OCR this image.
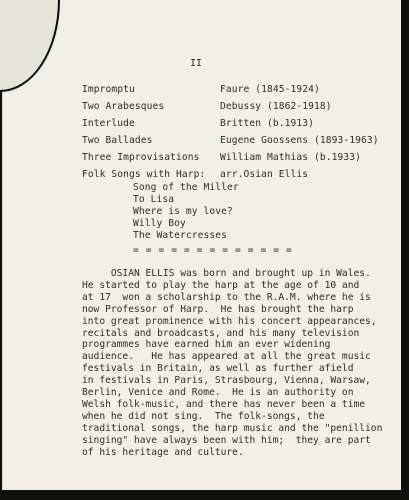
II
Impromptu	Faure (1845-1924)
Two Arabesques	Debussy (1862-1918)
Interlude	Britten (b.1913)
Two Ballades	Eugene Goossens (1893-1963)
Three Improvisations William Mathias (b.1933)
Folk Songs with Harp: arr.Osian Ellis
Song of the Miller
To Lisa
Where is my love?
Willy Boy
The Watercresses
= = = = = = = = = = = = =
OSIAN ELLIS was born and brought up in Wales.
He started to play the harp at the age of 10 and
at 17  won a scholarship to the R.A.M. where he is
now Professor of Harp.  He has brought the harp
into great prominence with his concert appearances,
recitals and broadcasts, and his many television
programmes have earned him an ever widening
audience.   He has appeared at all the great music
festivals in Britain, as well as further afield
in festivals in Paris, Strasbourg, Vienna, Warsaw,
Berlin, Venice and Rome.  He is an authority on
Welsh folk-music, and there has never been a time
when he did not sing.  The folk-songs, the
traditional songs, the harp music and the "penillion
singing" have always been with him;  they are part
of his heritage and culture.
